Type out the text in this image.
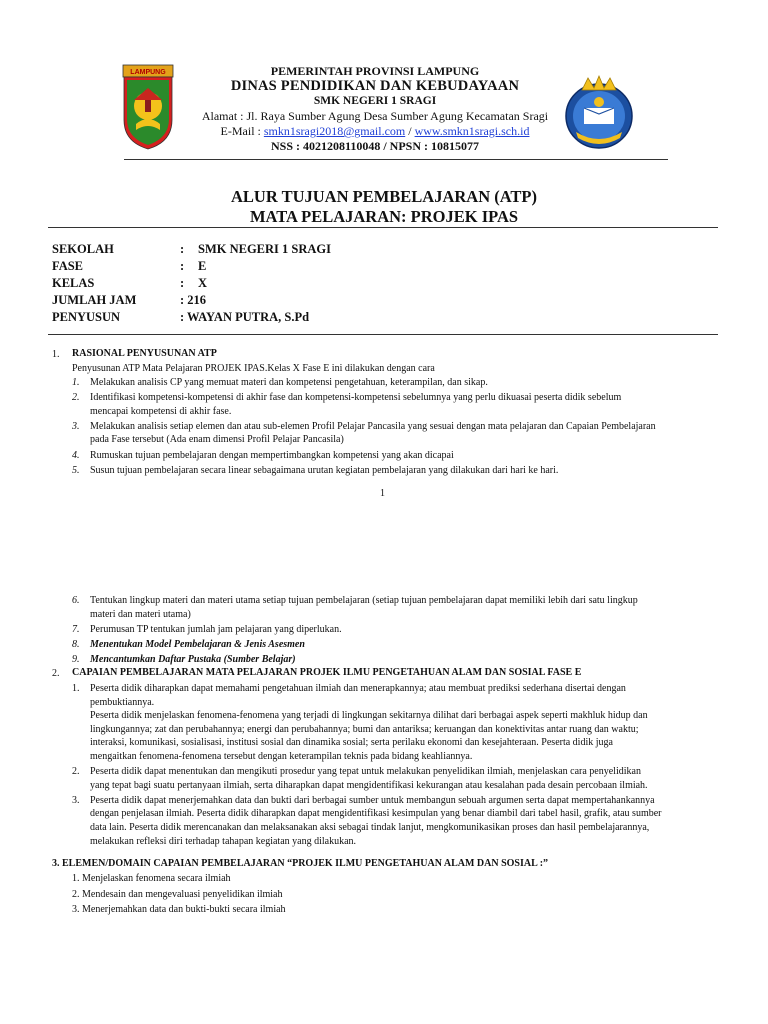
LAMPUNG	PEMERINTAH PROVINSI LAMPUNG
DINAS PENDIDIKAN DAN KEBUDAYAAN
SMK NEGERI 1 SRAGI
Alamat : Jl. Raya Sumber Agung Desa Sumber Agung Kecamatan Sragi
E-Mail : smkn1sragi2018@gmail.com / www.smkn1sragi.sch.id
NSS : 4021208110048 / NPSN : 10815077
ALUR TUJUAN PEMBELAJARAN (ATP)
MATA PELAJARAN: PROJEK IPAS
SEKOLAH	: SMK NEGERI 1 SRAGI
FASE	: E
KELAS	: X
JUMLAH JAM	: 216
PENYUSUN	: WAYAN PUTRA, S.Pd
1. RASIONAL PENYUSUNAN ATP
Penyusunan ATP Mata Pelajaran PROJEK IPAS.Kelas X Fase E ini dilakukan dengan cara
1. Melakukan analisis CP yang memuat materi dan kompetensi pengetahuan, keterampilan, dan sikap.
2. Identifikasi kompetensi-kompetensi di akhir fase dan kompetensi-kompetensi sebelumnya yang perlu dikuasai peserta didik sebelum
mencapai kompetensi di akhir fase.
3. Melakukan analisis setiap elemen dan atau sub-elemen Profil Pelajar Pancasila yang sesuai dengan mata pelajaran dan Capaian Pembelajaran
pada Fase tersebut (Ada enam dimensi Profil Pelajar Pancasila)
4. Rumuskan tujuan pembelajaran dengan mempertimbangkan kompetensi yang akan dicapai
5. Susun tujuan pembelajaran secara linear sebagaimana urutan kegiatan pembelajaran yang dilakukan dari hari ke hari.
1
6. Tentukan lingkup materi dan materi utama setiap tujuan pembelajaran (setiap tujuan pembelajaran dapat memiliki lebih dari satu lingkup
materi dan materi utama)
7. Perumusan TP tentukan jumlah jam pelajaran yang diperlukan.
8. Menentukan Model Pembelajaran & Jenis Asesmen
9. Mencantumkan Daftar Pustaka (Sumber Belajar)
2. CAPAIAN PEMBELAJARAN MATA PELAJARAN PROJEK ILMU PENGETAHUAN ALAM DAN SOSIAL FASE E
1. Peserta didik diharapkan dapat memahami pengetahuan ilmiah dan menerapkannya; atau membuat prediksi sederhana disertai dengan
pembuktiannya.
Peserta didik menjelaskan fenomena-fenomena yang terjadi di lingkungan sekitarnya dilihat dari berbagai aspek seperti makhluk hidup dan
lingkungannya; zat dan perubahannya; energi dan perubahannya; bumi dan antariksa; keruangan dan konektivitas antar ruang dan waktu;
interaksi, komunikasi, sosialisasi, institusi sosial dan dinamika sosial; serta perilaku ekonomi dan kesejahteraan. Peserta didik juga
mengaitkan fenomena-fenomena tersebut dengan keterampilan teknis pada bidang keahliannya.
2. Peserta didik dapat menentukan dan mengikuti prosedur yang tepat untuk melakukan penyelidikan ilmiah, menjelaskan cara penyelidikan
yang tepat bagi suatu pertanyaan ilmiah, serta diharapkan dapat mengidentifikasi kekurangan atau kesalahan pada desain percobaan ilmiah.
3. Peserta didik dapat menerjemahkan data dan bukti dari berbagai sumber untuk membangun sebuah argumen serta dapat mempertahankannya
dengan penjelasan ilmiah. Peserta didik diharapkan dapat mengidentifikasi kesimpulan yang benar diambil dari tabel hasil, grafik, atau sumber
data lain. Peserta didik merencanakan dan melaksanakan aksi sebagai tindak lanjut, mengkomunikasikan proses dan hasil pembelajarannya,
melakukan refleksi diri terhadap tahapan kegiatan yang dilakukan.
3. ELEMEN/DOMAIN CAPAIAN PEMBELAJARAN “PROJEK ILMU PENGETAHUAN ALAM DAN SOSIAL :”
1. Menjelaskan fenomena secara ilmiah
2. Mendesain dan mengevaluasi penyelidikan ilmiah
3. Menerjemahkan data dan bukti-bukti secara ilmiah
